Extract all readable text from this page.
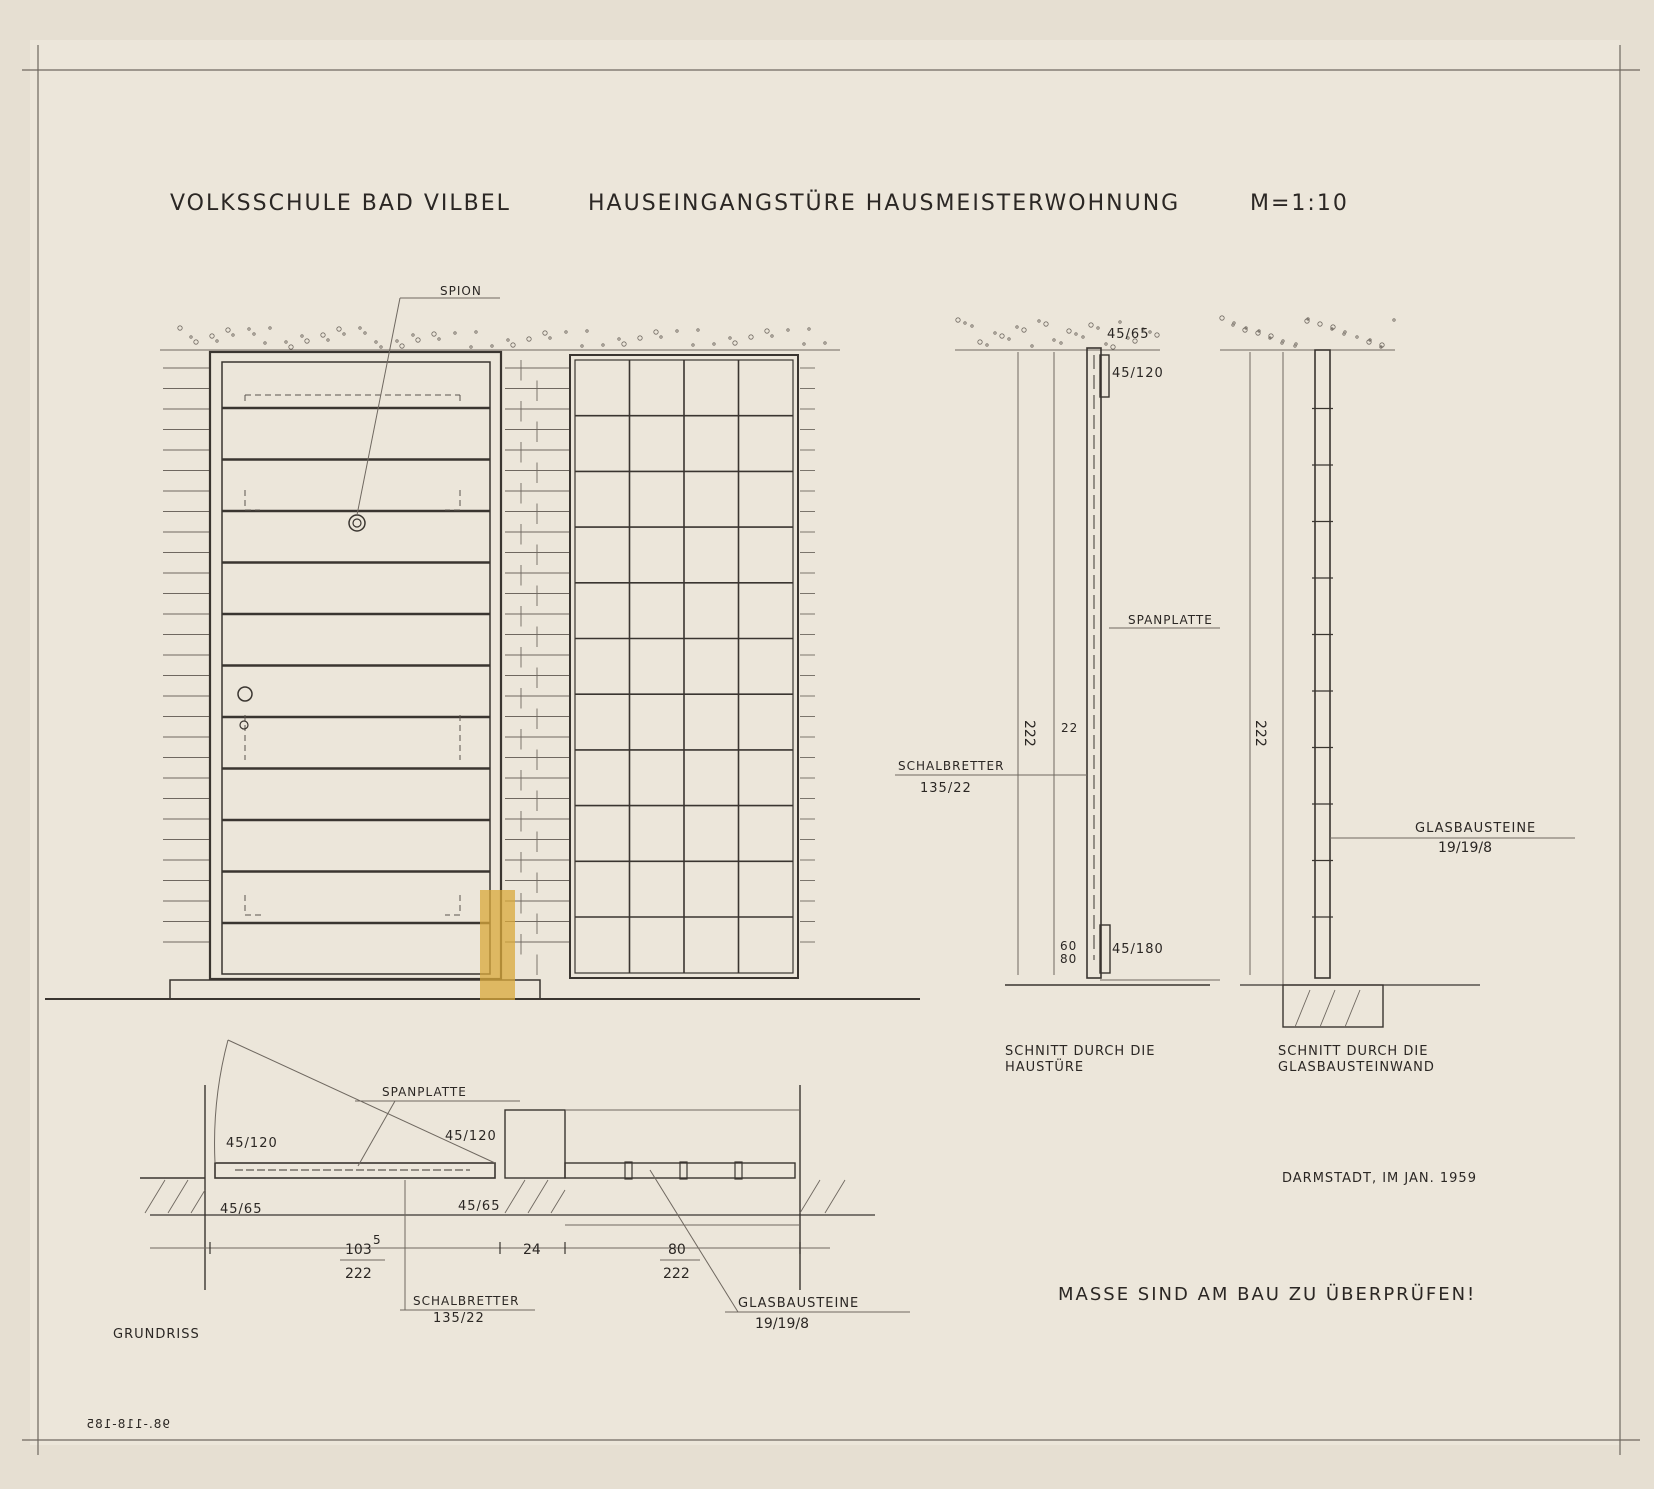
VOLKSSCHULE BAD VILBEL	HAUSEINGANGSTÜRE HAUSMEISTERWOHNUNG	M=1:10
SPION
45/65
45/120
SPANPLATTE
222 22
SCHALBRETTER
135/22
60
80
45/180
SCHNITT DURCH DIE
HAUSTÜRE
222
GLASBAUSTEINE
19/19/8
SCHNITT DURCH DIE
GLASBAUSTEINWAND
SPANPLATTE
45/120	45/120
45/65	45/65
103
5
222
24	80
222
SCHALBRETTER
135/22
GLASBAUSTEINE
19/19/8
GRUNDRISS
DARMSTADT, IM JAN. 1959
MASSE SIND AM BAU ZU ÜBERPRÜFEN!
98.-118-185
